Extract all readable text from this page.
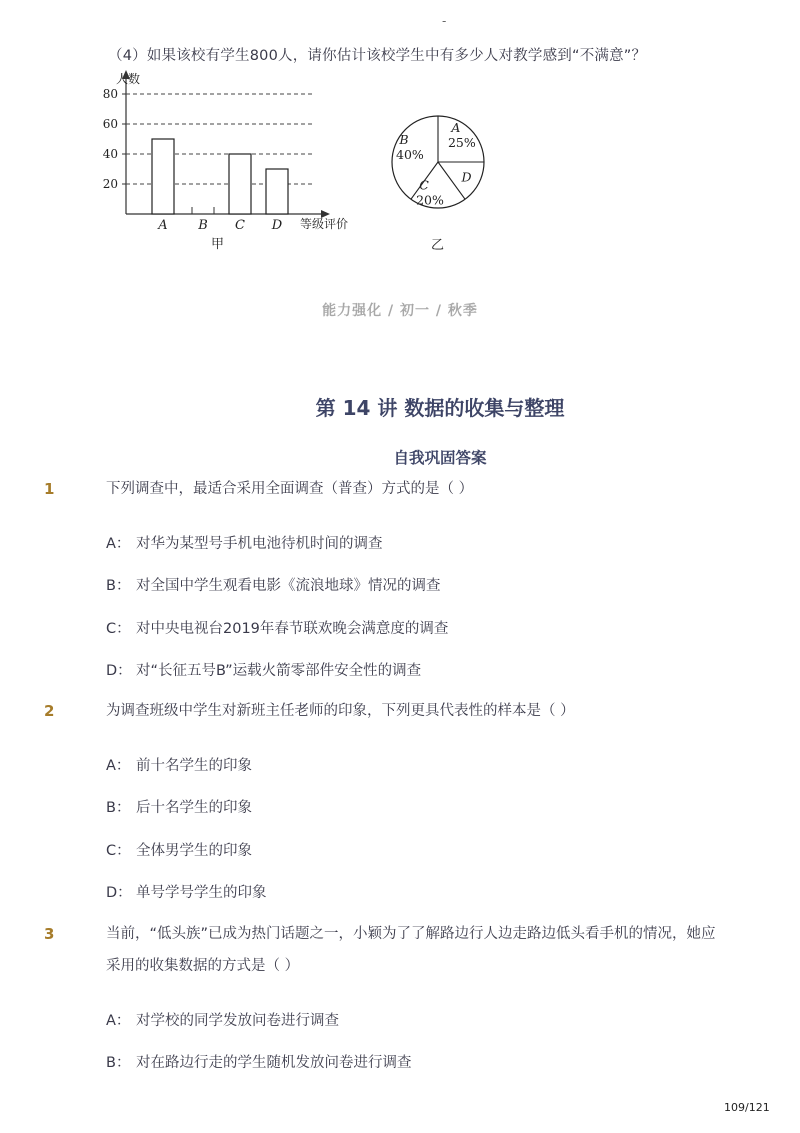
-
（4）如果该校有学生800人，请你估计该校学生中有多少人对教学感到“不满意”？
人数
等级评价
20
40
60
80
A B C D
甲
A
25%
D
C
20%
B
40%
乙
能力强化 / 初一 / 秋季
第 14 讲 数据的收集与整理
自我巩固答案
1	下列调查中，最适合采用全面调查（普查）方式的是（ ）
A： 对华为某型号手机电池待机时间的调查
B： 对全国中学生观看电影《流浪地球》情况的调查
C： 对中央电视台2019年春节联欢晚会满意度的调查
D： 对“长征五号B”运载火箭零部件安全性的调查
2	为调查班级中学生对新班主任老师的印象，下列更具代表性的样本是（ ）
A： 前十名学生的印象
B： 后十名学生的印象
C： 全体男学生的印象
D： 单号学号学生的印象
3	当前，“低头族”已成为热门话题之一，小颖为了了解路边行人边走路边低头看手机的情况，她应采用的收集数据的方式是（ ）
A： 对学校的同学发放问卷进行调查
B： 对在路边行走的学生随机发放问卷进行调查
109/121
